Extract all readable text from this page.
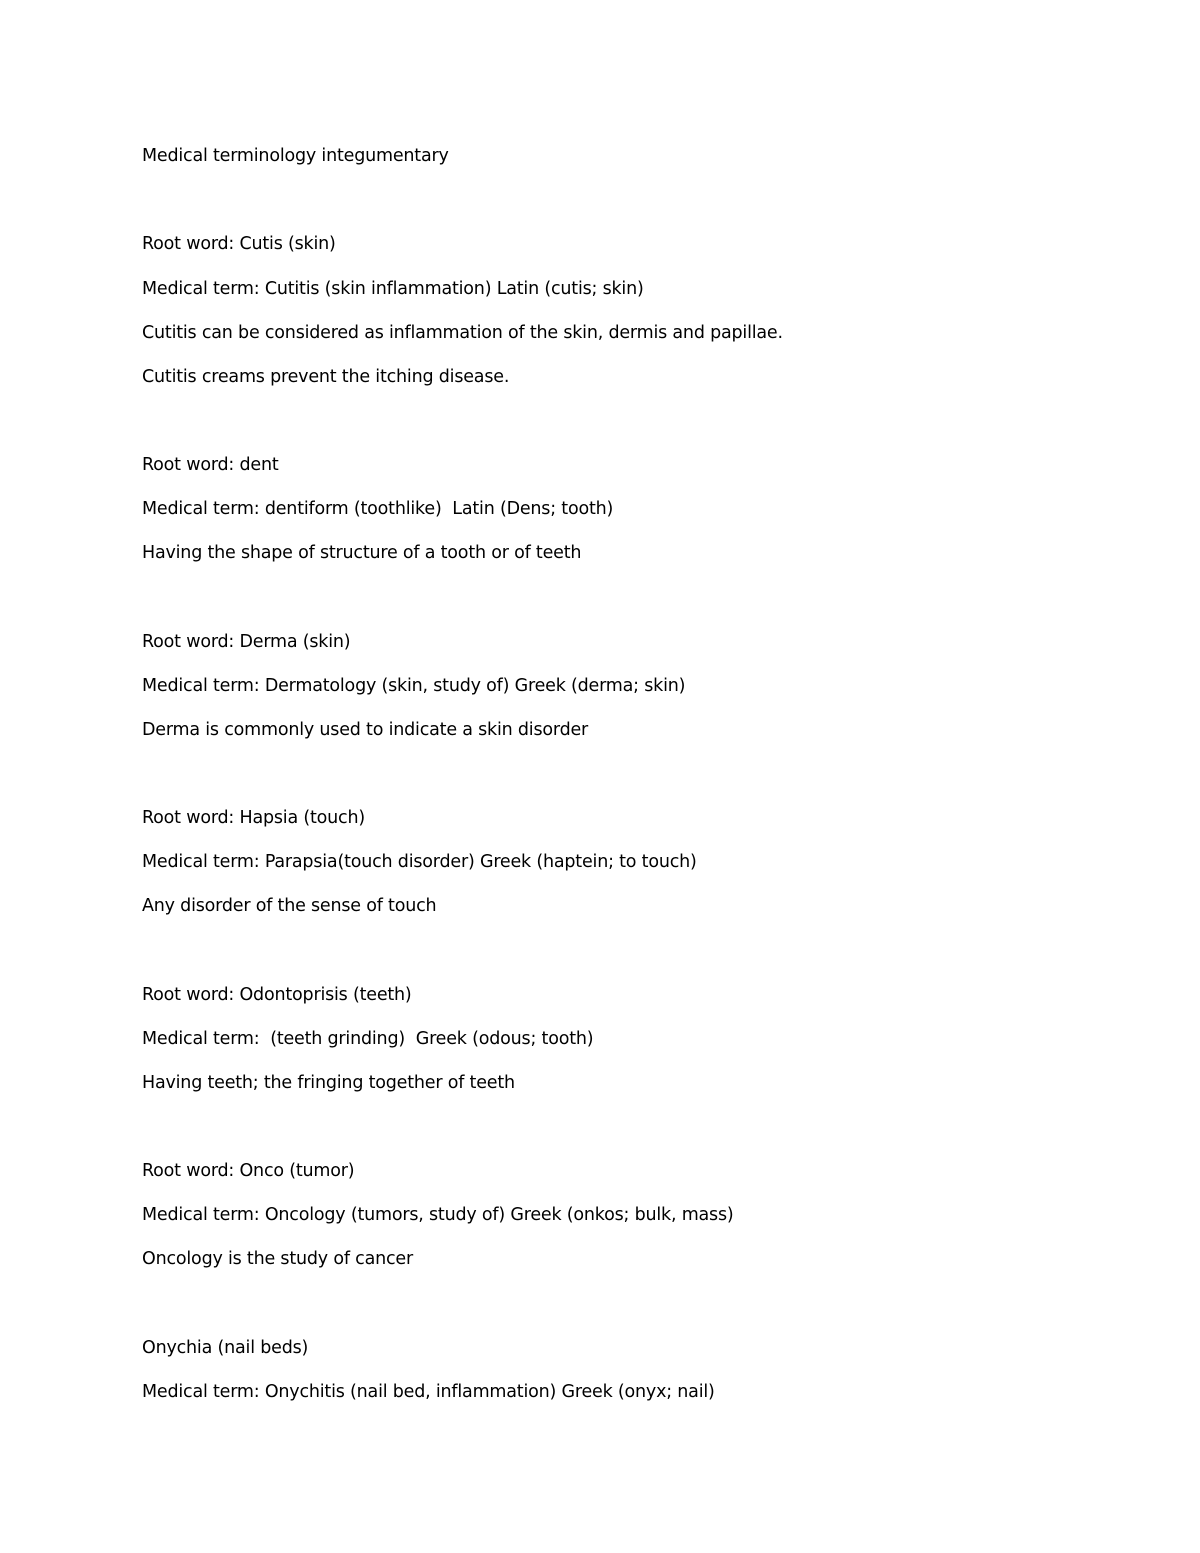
Medical terminology integumentary
Root word: Cutis (skin)
Medical term: Cutitis (skin inflammation) Latin (cutis; skin)
Cutitis can be considered as inflammation of the skin, dermis and papillae.
Cutitis creams prevent the itching disease.
Root word: dent
Medical term: dentiform (toothlike)  Latin (Dens; tooth)
Having the shape of structure of a tooth or of teeth
Root word: Derma (skin)
Medical term: Dermatology (skin, study of) Greek (derma; skin)
Derma is commonly used to indicate a skin disorder
Root word: Hapsia (touch)
Medical term: Parapsia(touch disorder) Greek (haptein; to touch)
Any disorder of the sense of touch
Root word: Odontoprisis (teeth)
Medical term:  (teeth grinding)  Greek (odous; tooth)
Having teeth; the fringing together of teeth
Root word: Onco (tumor)
Medical term: Oncology (tumors, study of) Greek (onkos; bulk, mass)
Oncology is the study of cancer
Onychia (nail beds)
Medical term: Onychitis (nail bed, inflammation) Greek (onyx; nail)
